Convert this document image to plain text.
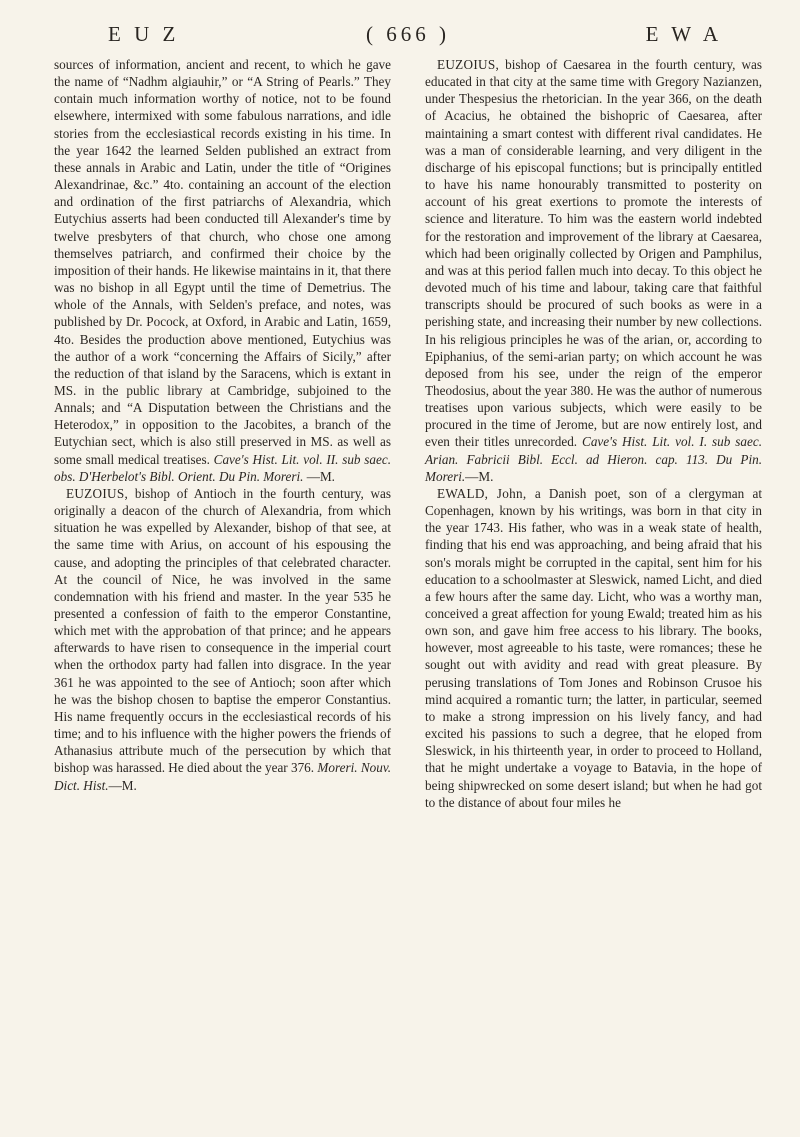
E U Z	( 666 )	E W A

sources of information, ancient and recent, to which he gave the name of “Nadhm algiauhir,” or “A String of Pearls.” They contain much information worthy of notice, not to be found elsewhere, intermixed with some fabulous narrations, and idle stories from the ecclesiastical records existing in his time. In the year 1642 the learned Selden published an extract from these annals in Arabic and Latin, under the title of “Origines Alexandrinae, &c.” 4to. containing an account of the election and ordination of the first patriarchs of Alexandria, which Eutychius asserts had been conducted till Alexander's time by twelve presbyters of that church, who chose one among themselves patriarch, and confirmed their choice by the imposition of their hands. He likewise maintains in it, that there was no bishop in all Egypt until the time of Demetrius. The whole of the Annals, with Selden's preface, and notes, was published by Dr. Pocock, at Oxford, in Arabic and Latin, 1659, 4to. Besides the production above mentioned, Eutychius was the author of a work “concerning the Affairs of Sicily,” after the reduction of that island by the Saracens, which is extant in MS. in the public library at Cambridge, subjoined to the Annals; and “A Disputation between the Christians and the Heterodox,” in opposition to the Jacobites, a branch of the Eutychian sect, which is also still preserved in MS. as well as some small medical treatises. Cave's Hist. Lit. vol. II. sub saec. obs. D'Herbelot's Bibl. Orient. Du Pin. Moreri. —M.

EUZOIUS, bishop of Antioch in the fourth century, was originally a deacon of the church of Alexandria, from which situation he was expelled by Alexander, bishop of that see, at the same time with Arius, on account of his espousing the cause, and adopting the principles of that celebrated character. At the council of Nice, he was involved in the same condemnation with his friend and master. In the year 535 he presented a confession of faith to the emperor Constantine, which met with the approbation of that prince; and he appears afterwards to have risen to consequence in the imperial court when the orthodox party had fallen into disgrace. In the year 361 he was appointed to the see of Antioch; soon after which he was the bishop chosen to baptise the emperor Constantius. His name frequently occurs in the ecclesiastical records of his time; and to his influence with the higher powers the friends of Athanasius attribute much of the persecution by which that bishop was harassed. He died about the year 376. Moreri. Nouv. Dict. Hist.—M.

EUZOIUS, bishop of Caesarea in the fourth century, was educated in that city at the same time with Gregory Nazianzen, under Thespesius the rhetorician. In the year 366, on the death of Acacius, he obtained the bishopric of Caesarea, after maintaining a smart contest with different rival candidates. He was a man of considerable learning, and very diligent in the discharge of his episcopal functions; but is principally entitled to have his name honourably transmitted to posterity on account of his great exertions to promote the interests of science and literature. To him was the eastern world indebted for the restoration and improvement of the library at Caesarea, which had been originally collected by Origen and Pamphilus, and was at this period fallen much into decay. To this object he devoted much of his time and labour, taking care that faithful transcripts should be procured of such books as were in a perishing state, and increasing their number by new collections. In his religious principles he was of the arian, or, according to Epiphanius, of the semi-arian party; on which account he was deposed from his see, under the reign of the emperor Theodosius, about the year 380. He was the author of numerous treatises upon various subjects, which were easily to be procured in the time of Jerome, but are now entirely lost, and even their titles unrecorded. Cave's Hist. Lit. vol. I. sub saec. Arian. Fabricii Bibl. Eccl. ad Hieron. cap. 113. Du Pin. Moreri.—M.

EWALD, John, a Danish poet, son of a clergyman at Copenhagen, known by his writings, was born in that city in the year 1743. His father, who was in a weak state of health, finding that his end was approaching, and being afraid that his son's morals might be corrupted in the capital, sent him for his education to a schoolmaster at Sleswick, named Licht, and died a few hours after the same day. Licht, who was a worthy man, conceived a great affection for young Ewald; treated him as his own son, and gave him free access to his library. The books, however, most agreeable to his taste, were romances; these he sought out with avidity and read with great pleasure. By perusing translations of Tom Jones and Robinson Crusoe his mind acquired a romantic turn; the latter, in particular, seemed to make a strong impression on his lively fancy, and had excited his passions to such a degree, that he eloped from Sleswick, in his thirteenth year, in order to proceed to Holland, that he might undertake a voyage to Batavia, in the hope of being shipwrecked on some desert island; but when he had got to the distance of about four miles he
